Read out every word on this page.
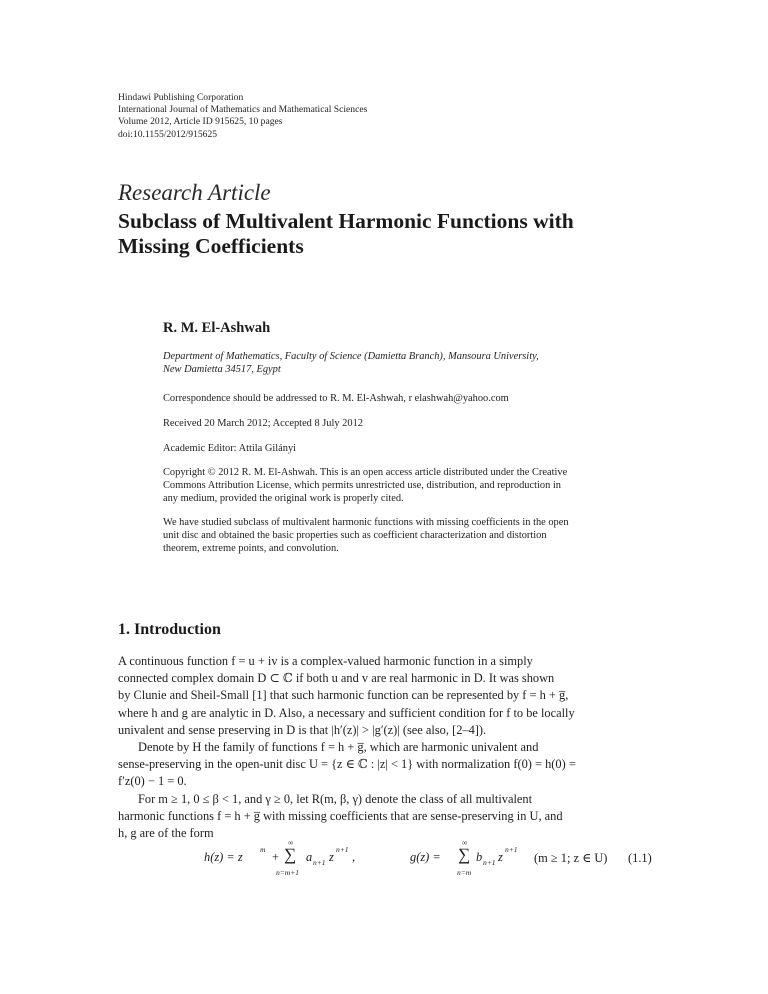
Hindawi Publishing Corporation
International Journal of Mathematics and Mathematical Sciences
Volume 2012, Article ID 915625, 10 pages
doi:10.1155/2012/915625
Research Article
Subclass of Multivalent Harmonic Functions with
Missing Coefficients
R. M. El-Ashwah
Department of Mathematics, Faculty of Science (Damietta Branch), Mansoura University,
New Damietta 34517, Egypt
Correspondence should be addressed to R. M. El-Ashwah, r elashwah@yahoo.com
Received 20 March 2012; Accepted 8 July 2012
Academic Editor: Attila Gilányi
Copyright © 2012 R. M. El-Ashwah. This is an open access article distributed under the Creative
Commons Attribution License, which permits unrestricted use, distribution, and reproduction in
any medium, provided the original work is properly cited.
We have studied subclass of multivalent harmonic functions with missing coefficients in the open
unit disc and obtained the basic properties such as coefficient characterization and distortion
theorem, extreme points, and convolution.
1. Introduction
A continuous function f = u + iv is a complex-valued harmonic function in a simply
connected complex domain D ⊂ ℂ if both u and v are real harmonic in D. It was shown
by Clunie and Sheil-Small [1] that such harmonic function can be represented by f = h + g̅,
where h and g are analytic in D. Also, a necessary and sufficient condition for f to be locally
univalent and sense preserving in D is that |h′(z)| > |g′(z)| (see also, [2–4]).
Denote by H the family of functions f = h + g̅, which are harmonic univalent and
sense-preserving in the open-unit disc U = {z ∈ ℂ : |z| < 1} with normalization f(0) = h(0) =
f′z(0) − 1 = 0.
For m ≥ 1, 0 ≤ β < 1, and γ ≥ 0, let R(m, β, γ) denote the class of all multivalent
harmonic functions f = h + g̅ with missing coefficients that are sense-preserving in U, and
h, g are of the form
h(z) = z
m
+
∞
∑
n=m+1
a n+1 z
n+1
,	g(z) =
∞
∑
n=m
b n+1 z
n+1
(m ≥ 1; z ∈ U) (1.1)
